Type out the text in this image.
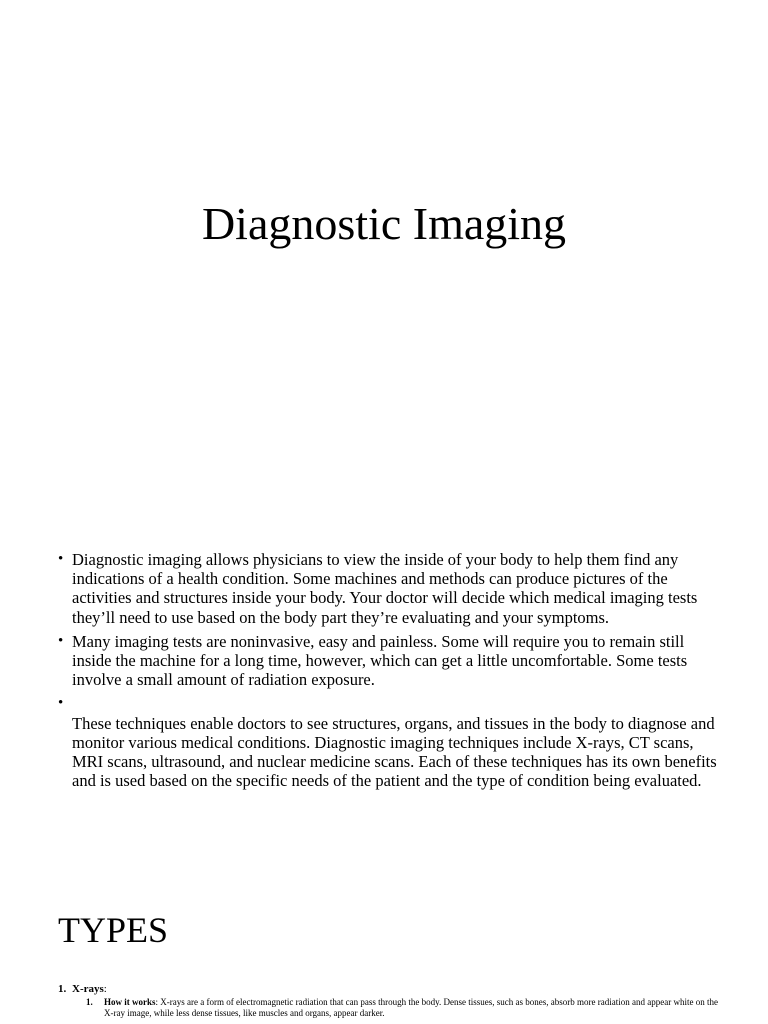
Diagnostic Imaging
• Diagnostic imaging allows physicians to view the inside of your body to help them find any indications of a health condition. Some machines and methods can produce pictures of the activities and structures inside your body. Your doctor will decide which medical imaging tests they’ll need to use based on the body part they’re evaluating and your symptoms.
• Many imaging tests are noninvasive, easy and painless. Some will require you to remain still inside the machine for a long time, however, which can get a little uncomfortable. Some tests involve a small amount of radiation exposure.
•
These techniques enable doctors to see structures, organs, and tissues in the body to diagnose and monitor various medical conditions. Diagnostic imaging techniques include X-rays, CT scans, MRI scans, ultrasound, and nuclear medicine scans. Each of these techniques has its own benefits and is used based on the specific needs of the patient and the type of condition being evaluated.
TYPES
1. X-rays:
1. How it works: X-rays are a form of electromagnetic radiation that can pass through the body. Dense tissues, such as bones, absorb more radiation and appear white on the X-ray image, while less dense tissues, like muscles and organs, appear darker.
